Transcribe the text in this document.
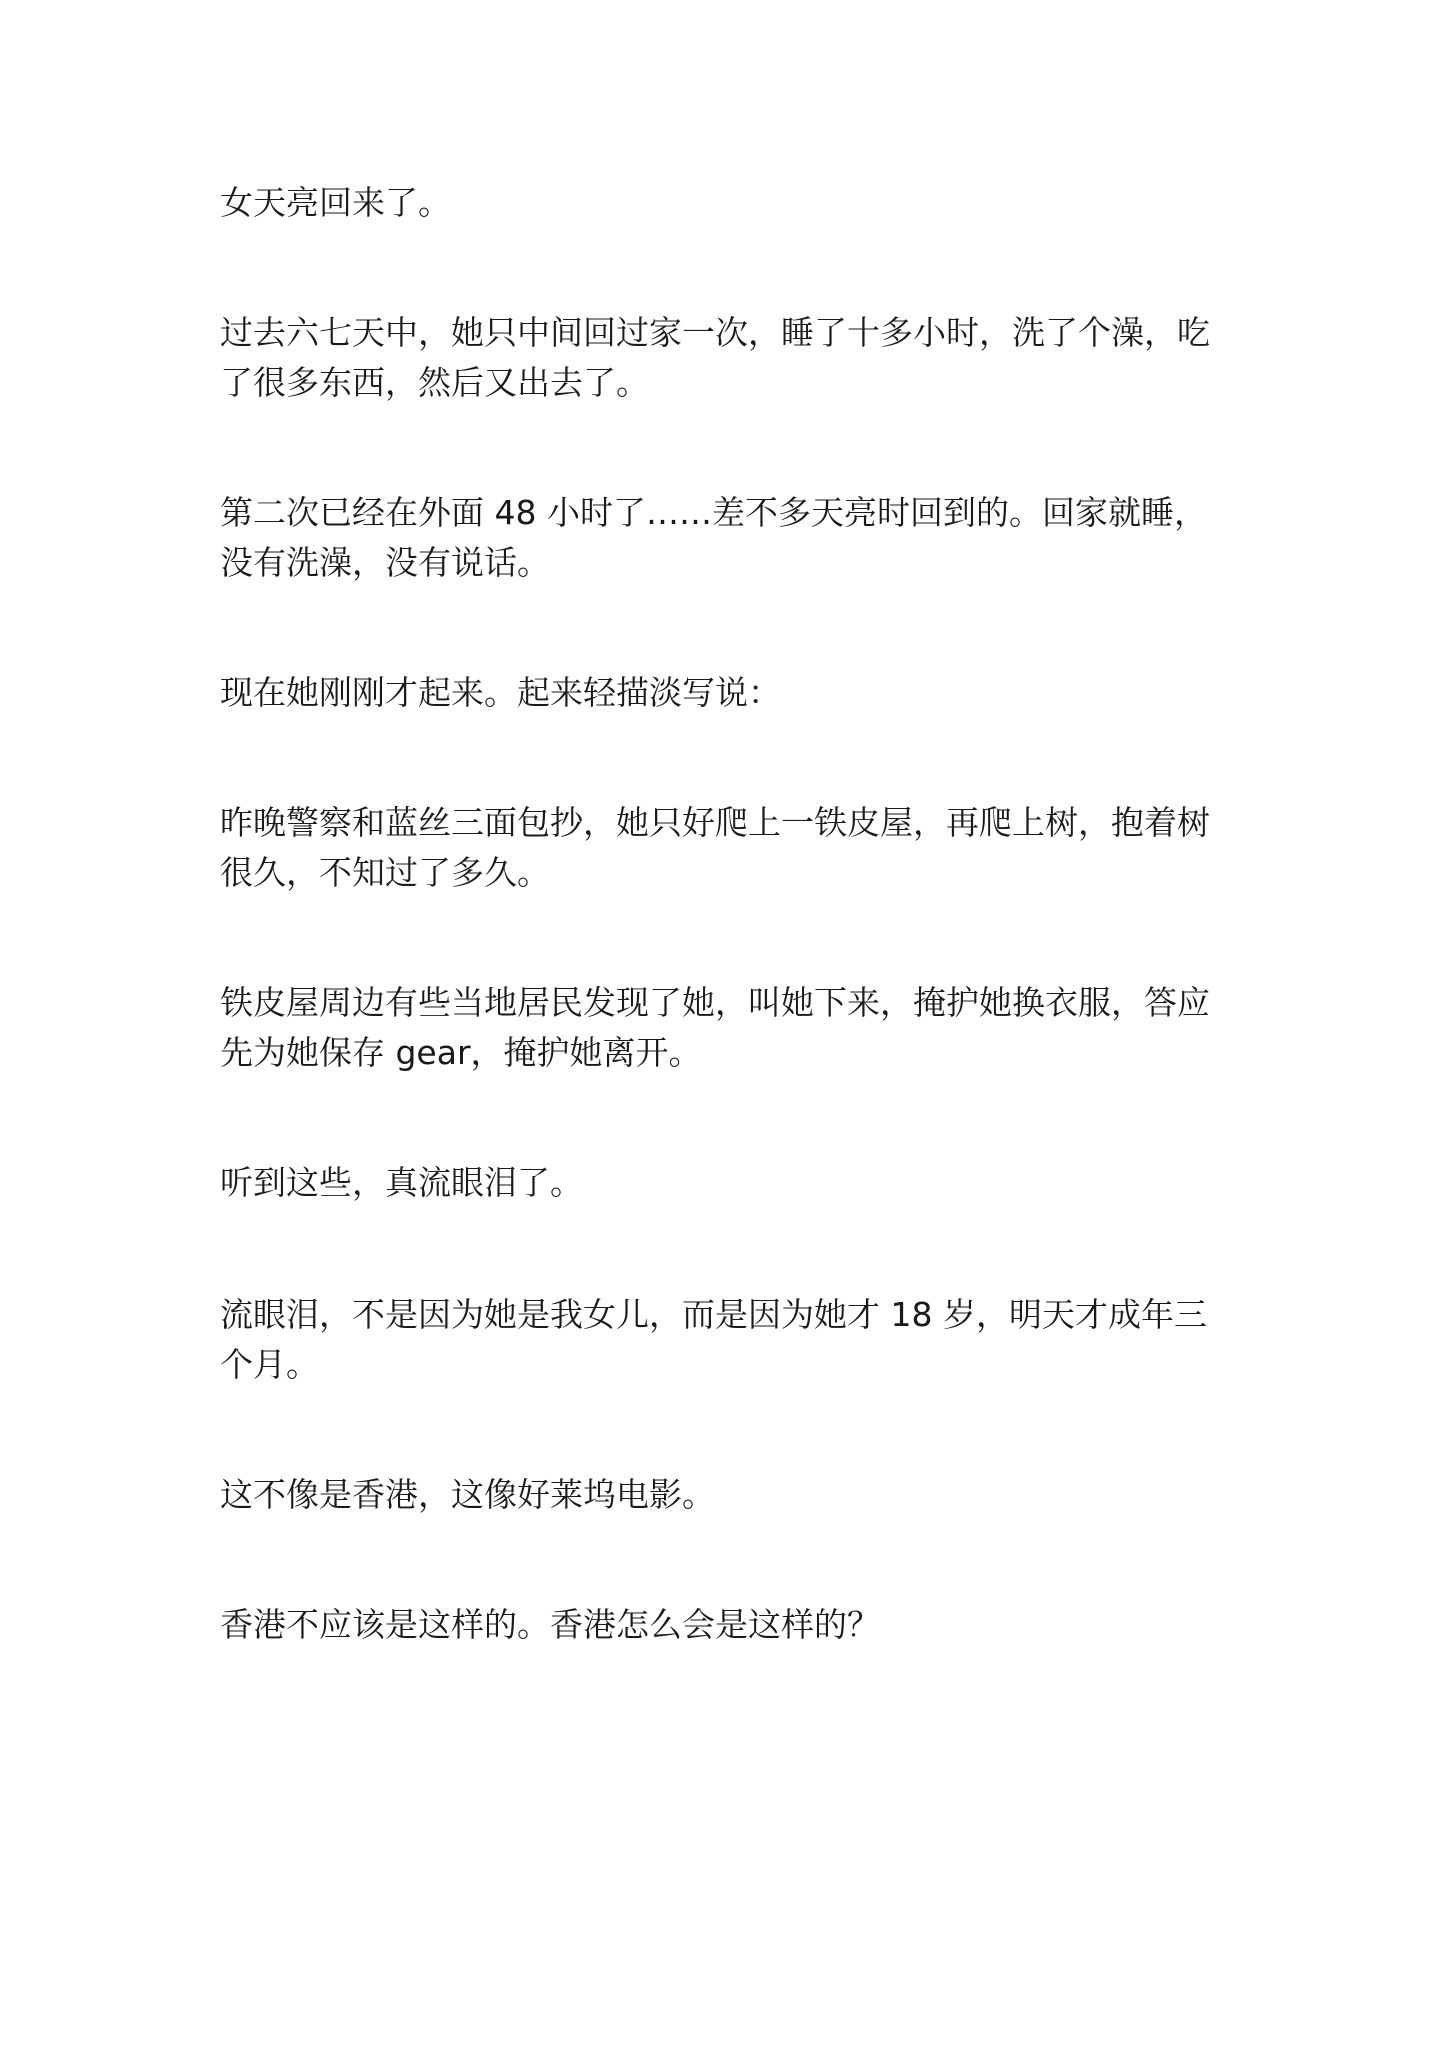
女天亮回来了。

过去六七天中，她只中间回过家一次，睡了十多小时，洗了个澡，吃了很多东西，然后又出去了。

第二次已经在外面 48 小时了……差不多天亮时回到的。回家就睡，没有洗澡，没有说话。

现在她刚刚才起来。起来轻描淡写说：

昨晚警察和蓝丝三面包抄，她只好爬上一铁皮屋，再爬上树，抱着树很久，不知过了多久。

铁皮屋周边有些当地居民发现了她，叫她下来，掩护她换衣服，答应先为她保存 gear，掩护她离开。

听到这些，真流眼泪了。

流眼泪，不是因为她是我女儿，而是因为她才 18 岁，明天才成年三个月。

这不像是香港，这像好莱坞电影。

香港不应该是这样的。香港怎么会是这样的？
